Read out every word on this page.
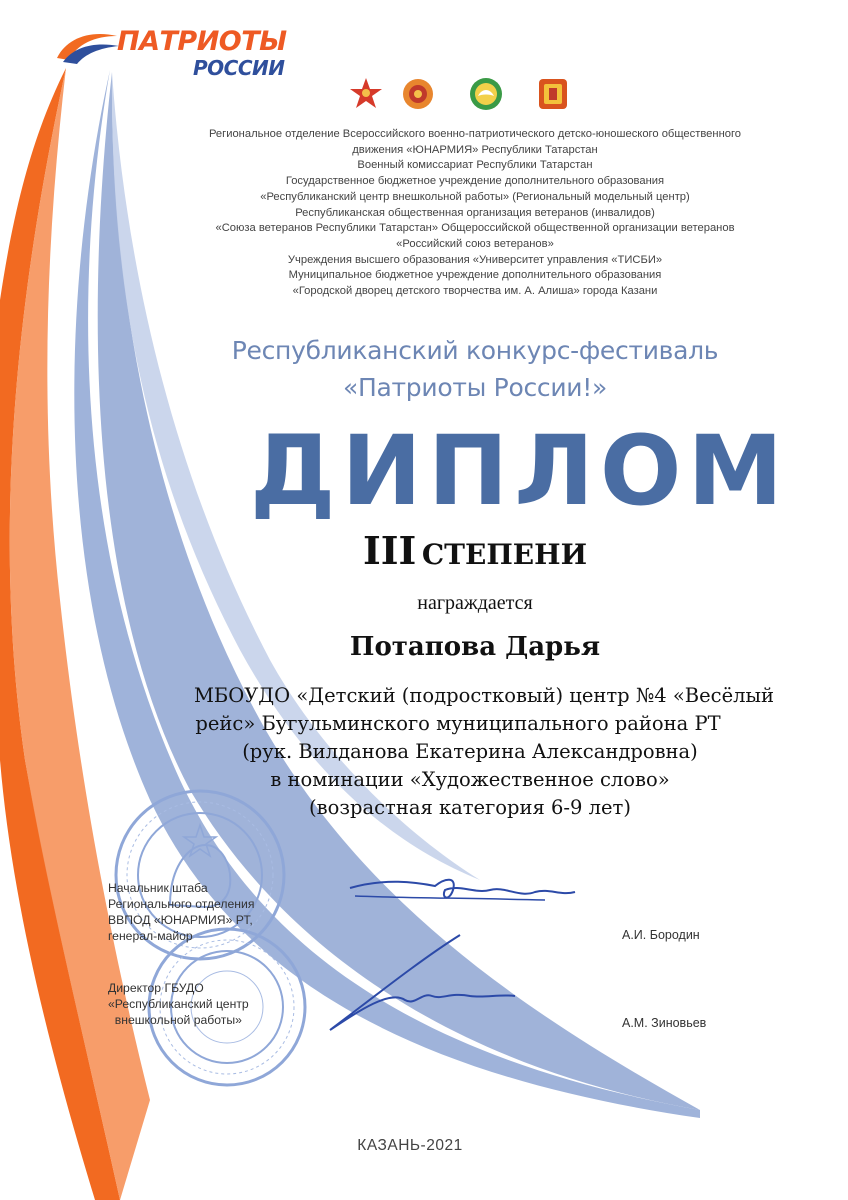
ПАТРИОТЫ
РОССИИ
Региональное отделение Всероссийского военно-патриотического детско-юношеского общественного
движения «ЮНАРМИЯ» Республики Татарстан
Военный комиссариат Республики Татарстан
Государственное бюджетное учреждение дополнительного образования
«Республиканский центр внешкольной работы» (Региональный модельный центр)
Республиканская общественная организация ветеранов (инвалидов)
«Союза ветеранов Республики Татарстан» Общероссийской общественной организации ветеранов
«Российский союз ветеранов»
Учреждения высшего образования «Университет управления «ТИСБИ»
Муниципальное бюджетное учреждение дополнительного образования
«Городской дворец детского творчества им. А. Алиша» города Казани
Республиканский конкурс-фестиваль
«Патриоты России!»
ДИПЛОМ
III СТЕПЕНИ
награждается
Потапова Дарья
МБОУДО «Детский (подростковый) центр №4 «Весёлый
рейс» Бугульминского муниципального района РТ
(рук. Вилданова Екатерина Александровна)
в номинации «Художественное слово»
(возрастная категория 6-9 лет)
Начальник штаба
Регионального отделения
ВВПОД «ЮНАРМИЯ» РТ,
генерал-майор	А.И. Бородин
Директор ГБУДО
«Республиканский центр
внешкольной работы»	А.М. Зиновьев
КАЗАНЬ-2021
